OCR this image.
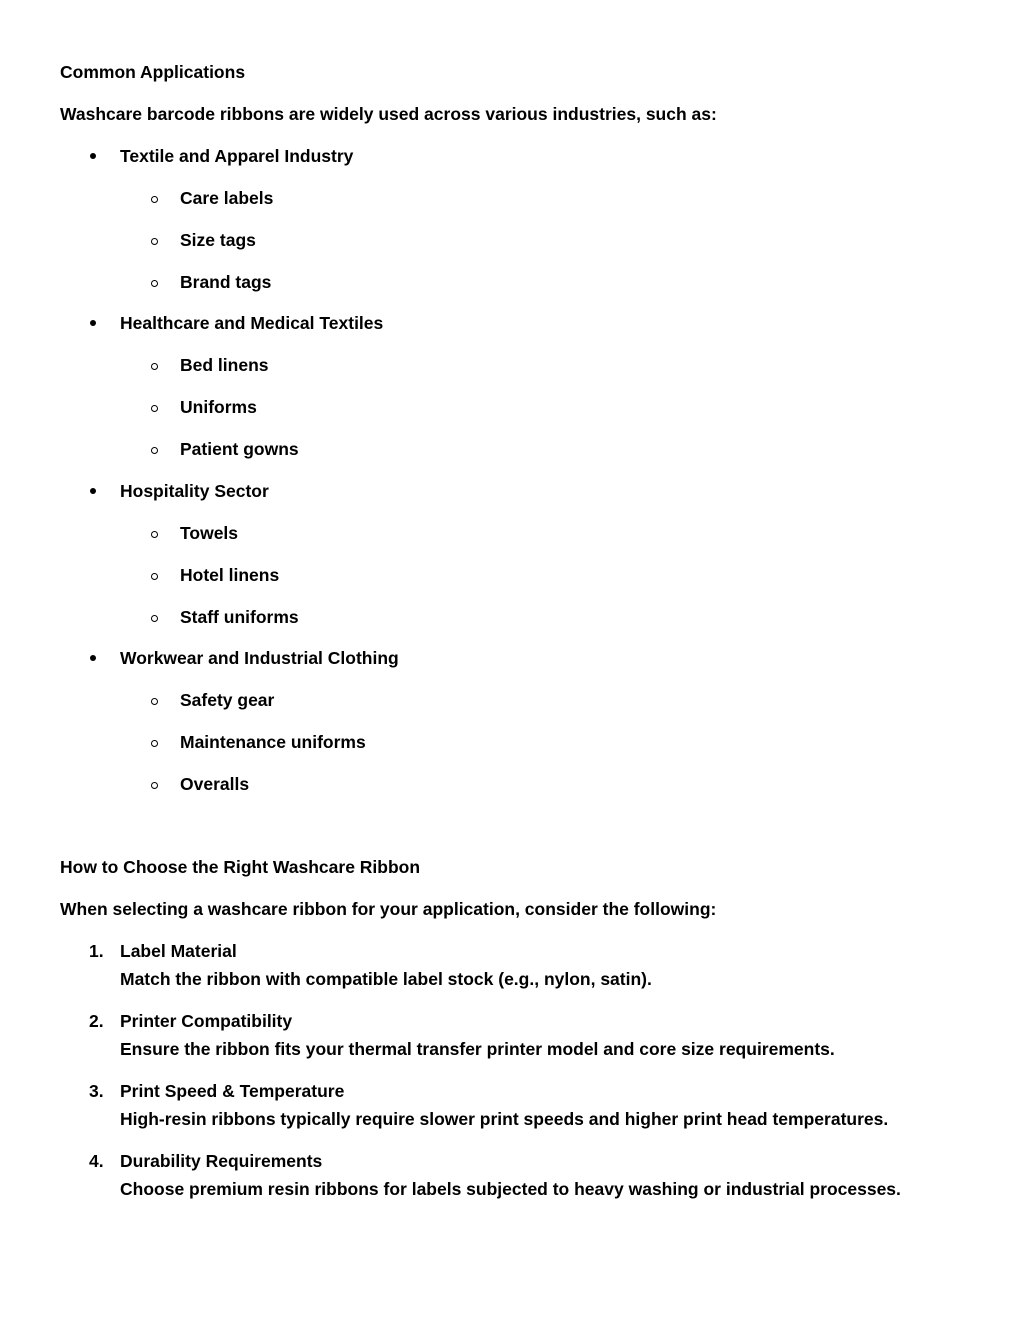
Common Applications
Washcare barcode ribbons are widely used across various industries, such as:
Textile and Apparel Industry
Care labels
Size tags
Brand tags
Healthcare and Medical Textiles
Bed linens
Uniforms
Patient gowns
Hospitality Sector
Towels
Hotel linens
Staff uniforms
Workwear and Industrial Clothing
Safety gear
Maintenance uniforms
Overalls
How to Choose the Right Washcare Ribbon
When selecting a washcare ribbon for your application, consider the following:
1. Label Material
Match the ribbon with compatible label stock (e.g., nylon, satin).
2. Printer Compatibility
Ensure the ribbon fits your thermal transfer printer model and core size requirements.
3. Print Speed & Temperature
High-resin ribbons typically require slower print speeds and higher print head temperatures.
4. Durability Requirements
Choose premium resin ribbons for labels subjected to heavy washing or industrial processes.
